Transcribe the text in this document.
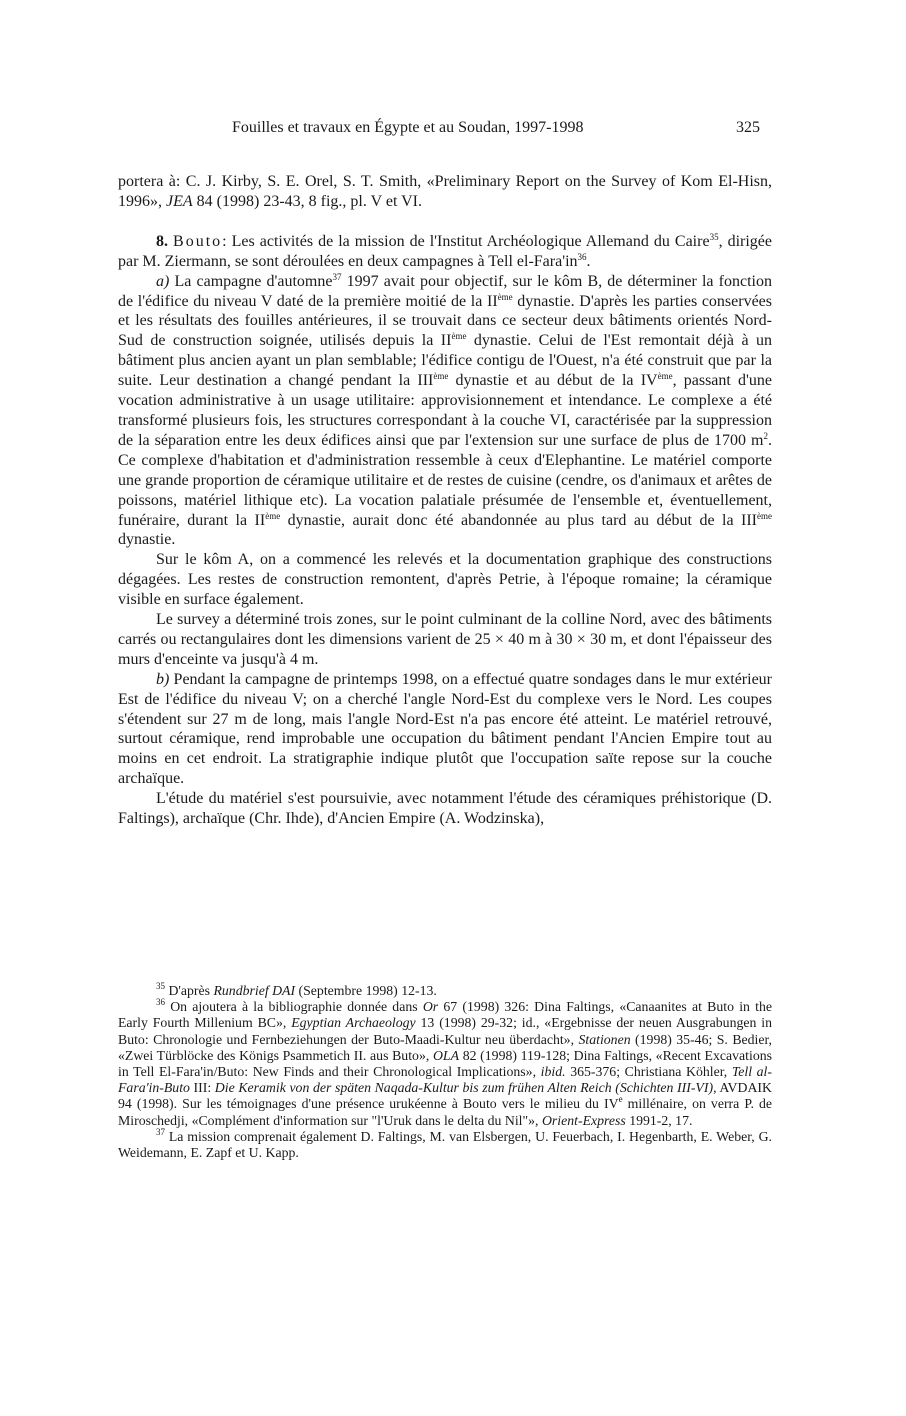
Fouilles et travaux en Égypte et au Soudan, 1997-1998	325

portera à: C. J. Kirby, S. E. Orel, S. T. Smith, «Preliminary Report on the Survey of Kom El-Hisn, 1996», JEA 84 (1998) 23-43, 8 fig., pl. V et VI.

8. Bouto: Les activités de la mission de l'Institut Archéologique Allemand du Caire$^{35}$, dirigée par M. Ziermann, se sont déroulées en deux campagnes à Tell $el-Fara'in^{36}$.

a) La campagne d'automne$^{37}$ 1997 avait pour objectif, sur le kôm B, de déterminer la fonction de l'édifice du niveau V daté de la première moitié de la IIème dynastie. D'après les parties conservées et les résultats des fouilles antérieures, il se trouvait dans ce secteur deux bâtiments orientés Nord-Sud de construction soignée, utilisés depuis la IIème dynastie. Celui de l'Est remontait déjà à un bâtiment plus ancien ayant un plan semblable; l'édifice contigu de l'Ouest, n'a été construit que par la suite. Leur destination a changé pendant la IIIème dynastie et au début de la IVème, passant d'une vocation administrative à un usage utilitaire: approvisionnement et intendance. Le complexe a été transformé plusieurs fois, les structures correspondant à la couche VI, caractérisée par la suppression de la séparation entre les deux édifices ainsi que par l'extension sur une surface de plus de 1700 $m^2$. Ce complexe d'habitation et d'administration ressemble à ceux d'Elephantine. Le matériel comporte une grande proportion de céramique utilitaire et de restes de cuisine (cendre, os d'animaux et arêtes de poissons, matériel lithique etc). La vocation palatiale présumée de l'ensemble et, éventuellement, funéraire, durant la IIème dynastie, aurait donc été abandonnée au plus tard au début de la IIIème dynastie.

Sur le kôm A, on a commencé les relevés et la documentation graphique des constructions dégagées. Les restes de construction remontent, d'après Petrie, à l'époque romaine; la céramique visible en surface également.

Le survey a déterminé trois zones, sur le point culminant de la colline Nord, avec des bâtiments carrés ou rectangulaires dont les dimensions varient de 25 × 40 m à 30 × 30 m, et dont l'épaisseur des murs d'enceinte va jusqu'à 4 m.

b) Pendant la campagne de printemps 1998, on a effectué quatre sondages dans le mur extérieur Est de l'édifice du niveau V; on a cherché l'angle Nord-Est du complexe vers le Nord. Les coupes s'étendent sur 27 m de long, mais l'angle Nord-Est n'a pas encore été atteint. Le matériel retrouvé, surtout céramique, rend improbable une occupation du bâtiment pendant l'Ancien Empire tout au moins en cet endroit. La stratigraphie indique plutôt que l'occupation saïte repose sur la couche archaïque.

L'étude du matériel s'est poursuivie, avec notamment l'étude des céramiques préhistorique (D. Faltings), archaïque (Chr. Ihde), d'Ancien Empire (A. Wodzinska),

$^{35}$ D'après Rundbrief DAI (Septembre 1998) 12-13.

$^{36}$ On ajoutera à la bibliographie donnée dans Or 67 (1998) 326: Dina Faltings, «Canaanites at Buto in the Early Fourth Millenium BC», Egyptian Archaeology 13 (1998) 29-32; id., «Ergebnisse der neuen Ausgrabungen in Buto: Chronologie und Fernbeziehungen der Buto-Maadi-Kultur neu überdacht», Stationen (1998) 35-46; S. Bedier, «Zwei Türblöcke des Königs Psammetich II. aus Buto», OLA 82 (1998) 119-128; Dina Faltings, «Recent Excavations in Tell El-Fara'in/Buto: New Finds and their Chronological Implications», ibid. 365-376; Christiana Köhler, Tell al-Fara'in-Buto III: Die Keramik von der späten Naqada-Kultur bis zum frühen Alten Reich (Schichten III-VI), AVDAIK 94 (1998). Sur les témoignages d'une présence urukéenne à Bouto vers le milieu du IVe millénaire, on verra P. de Miroschedji, «Complément d'information sur "l'Uruk dans le delta du Nil"», Orient-Express 1991-2, 17.

$^{37}$ La mission comprenait également D. Faltings, M. van Elsbergen, U. Feuerbach, I. Hegenbarth, E. Weber, G. Weidemann, E. Zapf et U. Kapp.
